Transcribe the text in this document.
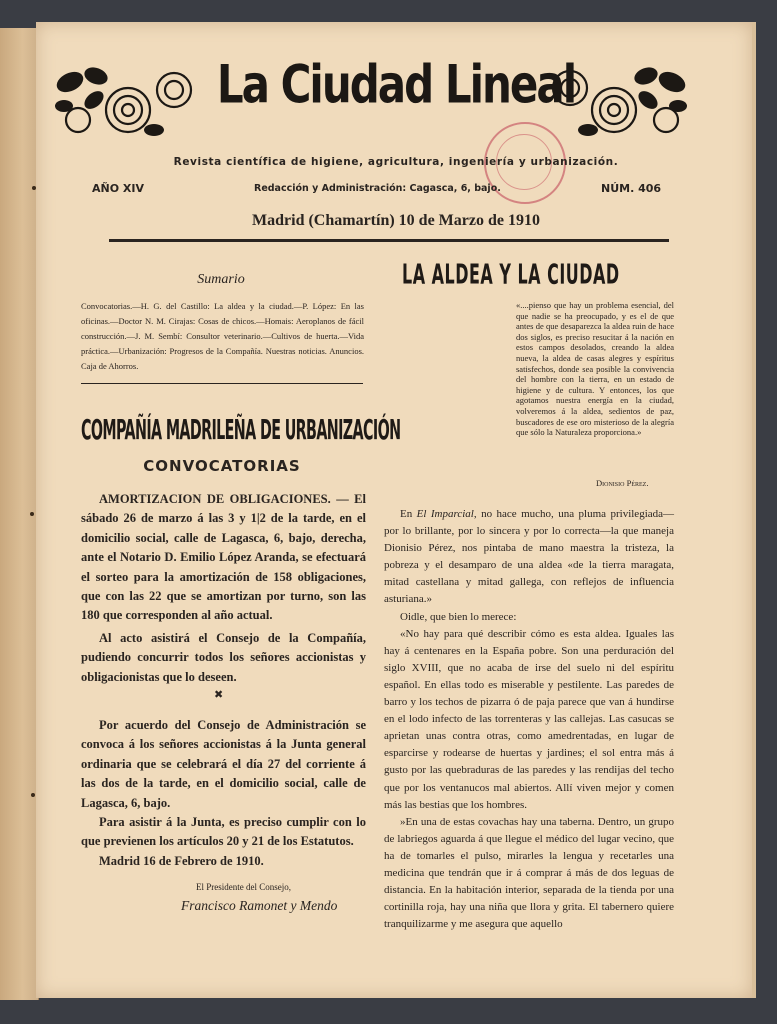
La Ciudad Lineal
Revista científica de higiene, agricultura, ingeniería y urbanización.
AÑO XIV	Redacción y Administración: Cagasca, 6, bajo.	NÚM. 406
Madrid (Chamartín) 10 de Marzo de 1910
Sumario
Convocatorias.—H. G. del Castillo: La aldea y la ciudad.—P. López: En las oficinas.—Doctor N. M. Cirajas: Cosas de chicos.—Homais: Aeroplanos de fácil construcción.—J. M. Sembí: Consultor veterinario.—Cultivos de huerta.—Vida práctica.—Urbanización: Progresos de la Compañía. Nuestras noticias. Anuncios. Caja de Ahorros.
COMPAÑÍA MADRILEÑA DE URBANIZACIÓN
CONVOCATORIAS

AMORTIZACION DE OBLIGACIONES. — El sábado 26 de marzo á las 3 y 1|2 de la tarde, en el domicilio social, calle de Lagasca, 6, bajo, derecha, ante el Notario D. Emilio López Aranda, se efectuará el sorteo para la amortización de 158 obligaciones, que con las 22 que se amortizan por turno, son las 180 que corresponden al año actual.

Al acto asistirá el Consejo de la Compañía, pudiendo concurrir todos los señores accionistas y obligacionistas que lo deseen.

✖

Por acuerdo del Consejo de Administración se convoca á los señores accionistas á la Junta general ordinaria que se celebrará el día 27 del corriente á las dos de la tarde, en el domicilio social, calle de Lagasca, 6, bajo.

Para asistir á la Junta, es preciso cumplir con lo que previenen los artículos 20 y 21 de los Estatutos.

Madrid 16 de Febrero de 1910.

El Presidente del Consejo,
Francisco Ramonet y Mendo
LA ALDEA Y LA CIUDAD
«....pienso que hay un problema esencial, del que nadie se ha preocupado, y es el de que antes de que desaparezca la aldea ruin de hace dos siglos, es preciso resucitar á la nación en estos campos desolados, creando la aldea nueva, la aldea de casas alegres y espíritus satisfechos, donde sea posible la convivencia del hombre con la tierra, en un estado de higiene y de cultura. Y entonces, los que agotamos nuestra energía en la ciudad, volveremos á la aldea, sedientos de paz, buscadores de ese oro misterioso de la alegría que sólo la Naturaleza proporciona.»
Dionisio Pérez.

En El Imparcial, no hace mucho, una pluma privilegiada—por lo brillante, por lo sincera y por lo correcta—la que maneja Dionisio Pérez, nos pintaba de mano maestra la tristeza, la pobreza y el desamparo de una aldea «de la tierra maragata, mitad castellana y mitad gallega, con reflejos de influencia asturiana.»

Oidle, que bien lo merece:

«No hay para qué describir cómo es esta aldea. Iguales las hay á centenares en la España pobre. Son una perduración del siglo XVIII, que no acaba de irse del suelo ni del espíritu español. En ellas todo es miserable y pestilente. Las paredes de barro y los techos de pizarra ó de paja parece que van á hundirse en el lodo infecto de las torrenteras y las callejas. Las casucas se aprietan unas contra otras, como amedrentadas, en lugar de esparcirse y rodearse de huertas y jardines; el sol entra más á gusto por las quebraduras de las paredes y las rendijas del techo que por los ventanucos mal abiertos. Allí viven mejor y comen más las bestias que los hombres.

»En una de estas covachas hay una taberna. Dentro, un grupo de labriegos aguarda á que llegue el médico del lugar vecino, que ha de tomarles el pulso, mirarles la lengua y recetarles una medicina que tendrán que ir á comprar á más de dos leguas de distancia. En la habitación interior, separada de la tienda por una cortinilla roja, hay una niña que llora y grita. El tabernero quiere tranquilizarme y me asegura que aquello
